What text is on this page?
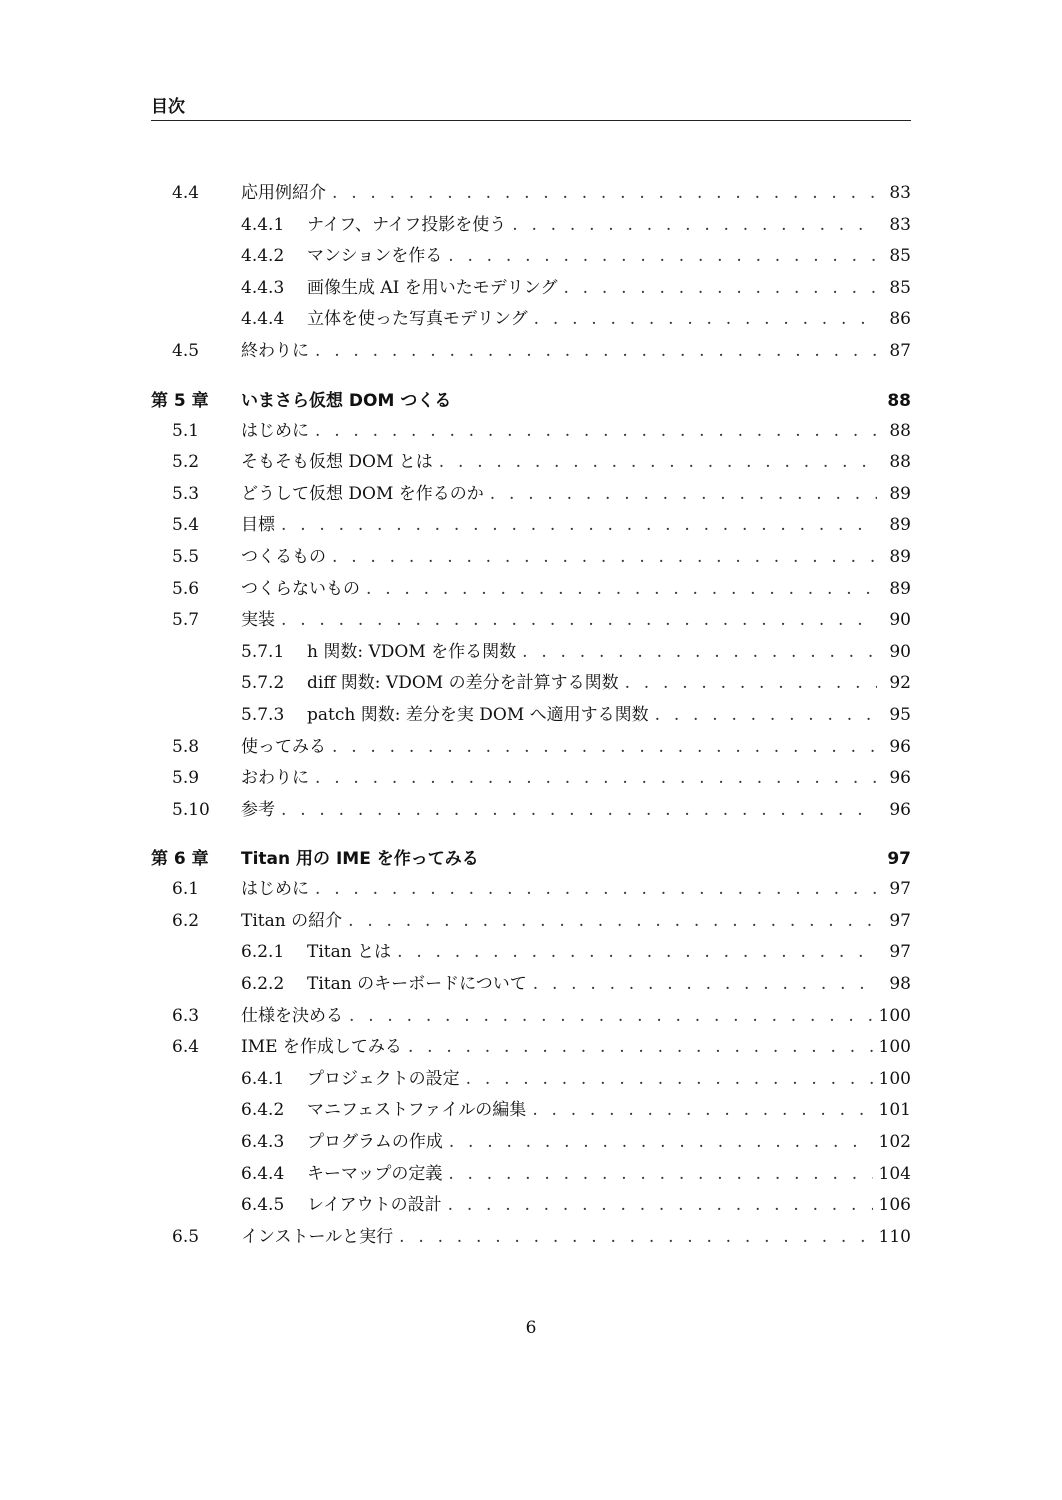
目次
4.4	応用例紹介 . . .	83
4.4.1	ナイフ、ナイフ投影を使う . . .	83
4.4.2	マンションを作る . . .	85
4.4.3	画像生成 AI を用いたモデリング . . .	85
4.4.4	立体を使った写真モデリング . . .	86
4.5	終わりに . . .	87
第 5 章	いまさら仮想 DOM つくる	88
5.1	はじめに . . .	88
5.2	そもそも仮想 DOM とは . . .	88
5.3	どうして仮想 DOM を作るのか . . .	89
5.4	目標 . . .	89
5.5	つくるもの . . .	89
5.6	つくらないもの . . .	89
5.7	実装 . . .	90
5.7.1	h 関数: VDOM を作る関数 . . .	90
5.7.2	diff 関数: VDOM の差分を計算する関数 . . .	92
5.7.3	patch 関数: 差分を実 DOM へ適用する関数 . . .	95
5.8	使ってみる . . .	96
5.9	おわりに . . .	96
5.10	参考 . . .	96
第 6 章	Titan 用の IME を作ってみる	97
6.1	はじめに . . .	97
6.2	Titan の紹介 . . .	97
6.2.1	Titan とは . . .	97
6.2.2	Titan のキーボードについて . . .	98
6.3	仕様を決める . . .	100
6.4	IME を作成してみる . . .	100
6.4.1	プロジェクトの設定 . . .	100
6.4.2	マニフェストファイルの編集 . . .	101
6.4.3	プログラムの作成 . . .	102
6.4.4	キーマップの定義 . . .	104
6.4.5	レイアウトの設計 . . .	106
6.5	インストールと実行 . . .	110
6
